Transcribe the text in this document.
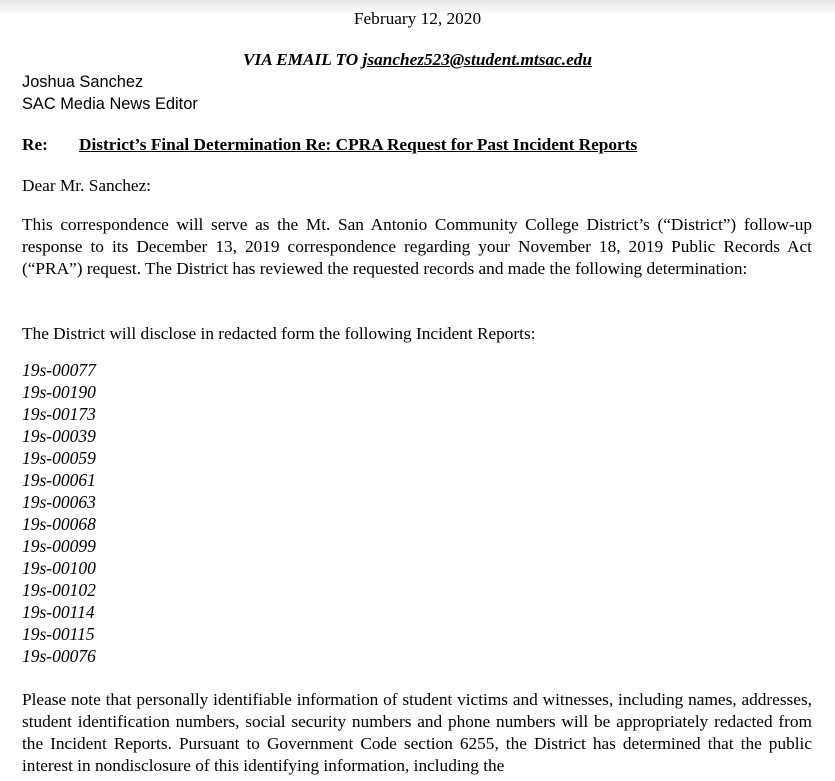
February 12, 2020
VIA EMAIL TO jsanchez523@student.mtsac.edu
Joshua Sanchez
SAC Media News Editor
Re: District’s Final Determination Re: CPRA Request for Past Incident Reports
Dear Mr. Sanchez:
This correspondence will serve as the Mt. San Antonio Community College District’s (“District”) follow-up response to its December 13, 2019 correspondence regarding your November 18, 2019 Public Records Act (“PRA”) request. The District has reviewed the requested records and made the following determination:
The District will disclose in redacted form the following Incident Reports:
19s-00077
19s-00190
19s-00173
19s-00039
19s-00059
19s-00061
19s-00063
19s-00068
19s-00099
19s-00100
19s-00102
19s-00114
19s-00115
19s-00076
Please note that personally identifiable information of student victims and witnesses, including names, addresses, student identification numbers, social security numbers and phone numbers will be appropriately redacted from the Incident Reports. Pursuant to Government Code section 6255, the District has determined that the public interest in nondisclosure of this identifying information, including the
